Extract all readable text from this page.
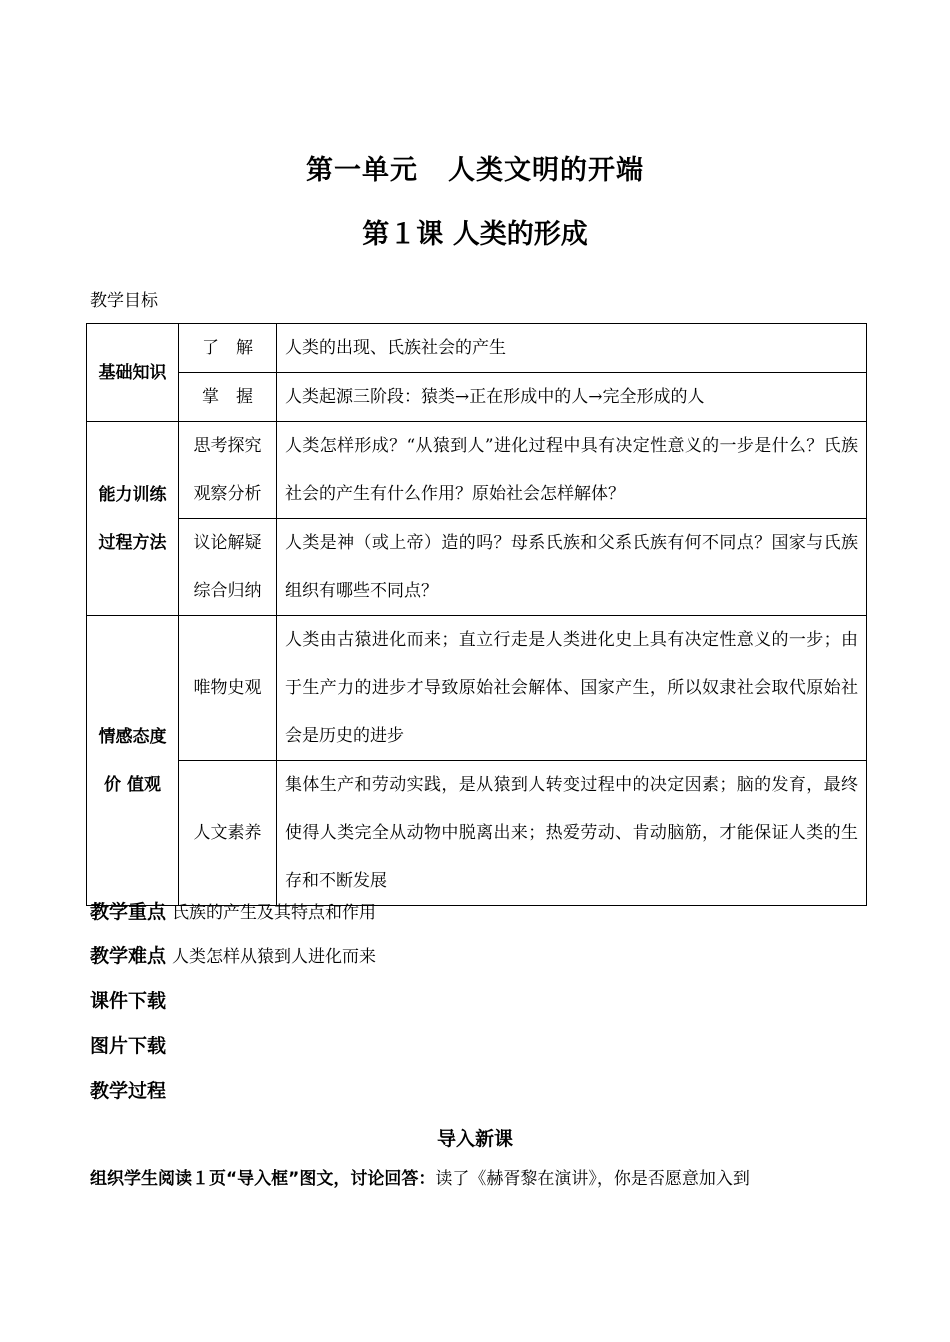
第一单元 人类文明的开端
第１课 人类的形成
教学目标
基础知识	了　解	人类的出现、氏族社会的产生
	掌　握	人类起源三阶段：猿类→正在形成中的人→完全形成的人
能力训练过程方法	思考探究观察分析	人类怎样形成？“从猿到人”进化过程中具有决定性意义的一步是什么？氏族社会的产生有什么作用？原始社会怎样解体？
	议论解疑综合归纳	人类是神（或上帝）造的吗？母系氏族和父系氏族有何不同点？国家与氏族组织有哪些不同点？
情感态度价 值观	唯物史观	人类由古猿进化而来；直立行走是人类进化史上具有决定性意义的一步；由于生产力的进步才导致原始社会解体、国家产生，所以奴隶社会取代原始社会是历史的进步
	人文素养	集体生产和劳动实践，是从猿到人转变过程中的决定因素；脑的发育，最终使得人类完全从动物中脱离出来；热爱劳动、肯动脑筋，才能保证人类的生存和不断发展
教学重点 氏族的产生及其特点和作用
教学难点 人类怎样从猿到人进化而来
课件下载
图片下载
教学过程
导入新课
组织学生阅读１页“导入框”图文，讨论回答：读了《赫胥黎在演讲》，你是否愿意加入到
